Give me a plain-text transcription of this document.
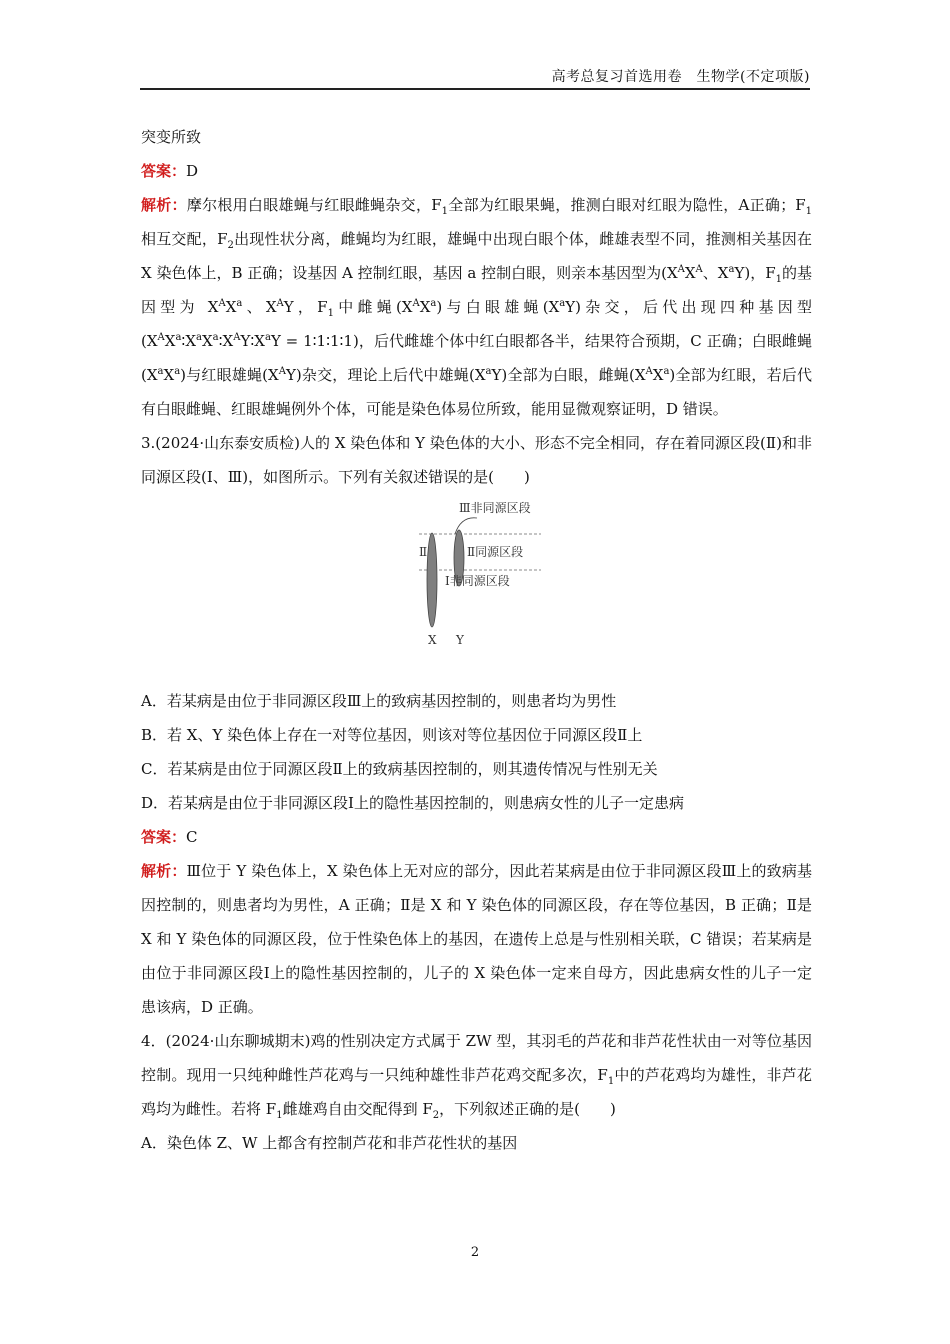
高考总复习首选用卷　生物学(不定项版)

突变所致

答案：D

解析：摩尔根用白眼雄蝇与红眼雌蝇杂交，$F_1$全部为红眼果蝇，推测白眼对红眼为隐性，A正确；$F_1$相互交配，$F_2$出现性状分离，雌蝇均为红眼，雄蝇中出现白眼个体，雌雄表型不同，推测相关基因在 X 染色体上，B 正确；设基因 A 控制红眼，基因 a 控制白眼，则亲本基因型为($X^AX^A$、$X^aY$)，$F_1$的基因型为 $X^AX^a$、$X^AY$，$F_1$中雌蝇$(X^AX^a)$与白眼雄蝇$(X^aY)$杂交，后代出现四种基因型($X^AX^a∶X^aX^a∶X^AY∶X^aY$ = 1∶1∶1∶1)，后代雌雄个体中红白眼都各半，结果符合预期，C 正确；白眼雌蝇$(X^aX^a)$与红眼雄蝇$(X^AY)$杂交，理论上后代中雄蝇$(X^aY)$全部为白眼，雌蝇$(X^AX^a)$全部为红眼，若后代有白眼雌蝇、红眼雄蝇例外个体，可能是染色体易位所致，能用显微观察证明，D 错误。

3.(2024·山东泰安质检)人的 X 染色体和 Y 染色体的大小、形态不完全相同，存在着同源区段(Ⅱ)和非同源区段(Ⅰ、Ⅲ)，如图所示。下列有关叙述错误的是(　　)

Ⅲ非同源区段
Ⅱ同源区段
Ⅰ非同源区段
Ⅱ
X Y

A．若某病是由位于非同源区段Ⅲ上的致病基因控制的，则患者均为男性

B．若 X、Y 染色体上存在一对等位基因，则该对等位基因位于同源区段Ⅱ上

C．若某病是由位于同源区段Ⅱ上的致病基因控制的，则其遗传情况与性别无关

D．若某病是由位于非同源区段Ⅰ上的隐性基因控制的，则患病女性的儿子一定患病

答案：C

解析：Ⅲ位于 Y 染色体上，X 染色体上无对应的部分，因此若某病是由位于非同源区段Ⅲ上的致病基因控制的，则患者均为男性，A 正确；Ⅱ是 X 和 Y 染色体的同源区段，存在等位基因，B 正确；Ⅱ是 X 和 Y 染色体的同源区段，位于性染色体上的基因，在遗传上总是与性别相关联，C 错误；若某病是由位于非同源区段Ⅰ上的隐性基因控制的，儿子的 X 染色体一定来自母方，因此患病女性的儿子一定患该病，D 正确。

4．(2024·山东聊城期末)鸡的性别决定方式属于 ZW 型，其羽毛的芦花和非芦花性状由一对等位基因控制。现用一只纯种雌性芦花鸡与一只纯种雄性非芦花鸡交配多次，$F_1$中的芦花鸡均为雄性，非芦花鸡均为雌性。若将 $F_1$雌雄鸡自由交配得到 $F_2$，下列叙述正确的是(　　)

A．染色体 Z、W 上都含有控制芦花和非芦花性状的基因

2
